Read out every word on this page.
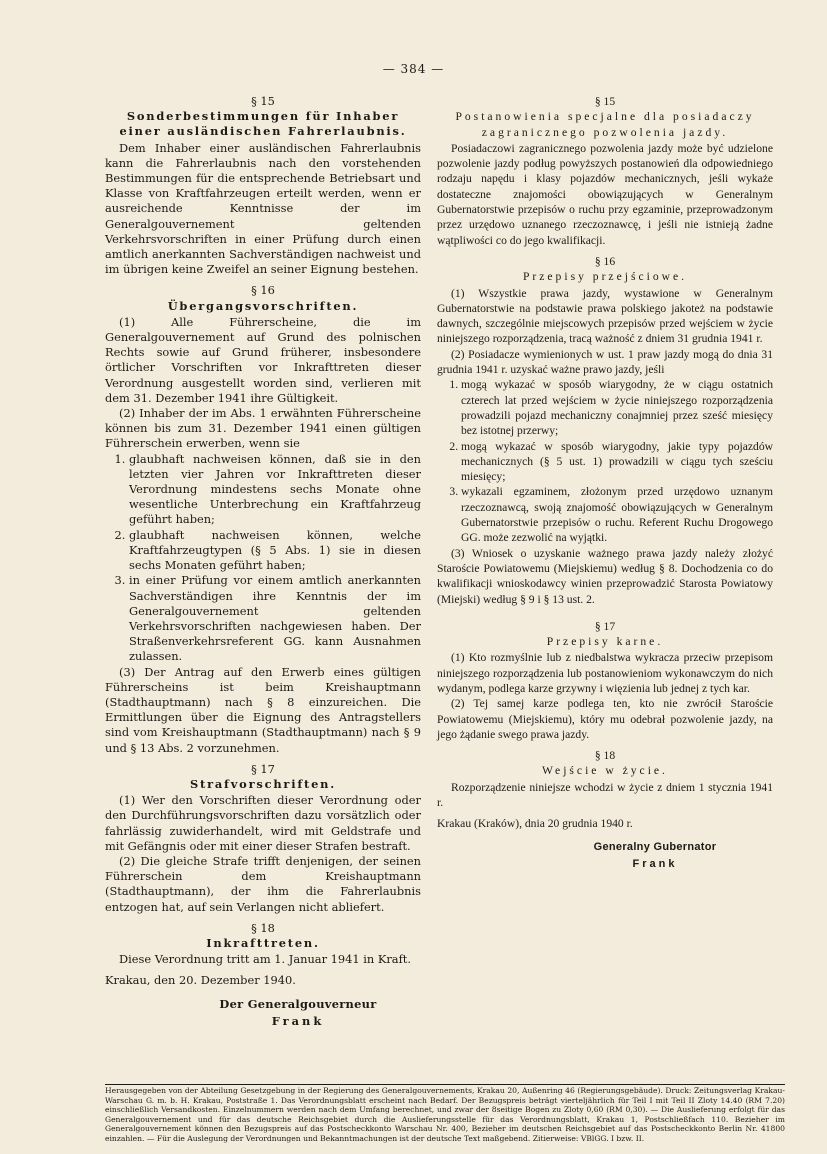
— 384 —

§ 15

Sonderbestimmungen für Inhaber einer ausländischen Fahrerlaubnis.

Dem Inhaber einer ausländischen Fahrerlaubnis kann die Fahrerlaubnis nach den vorstehenden Bestimmungen für die entsprechende Betriebsart und Klasse von Kraftfahrzeugen erteilt werden, wenn er ausreichende Kenntnisse der im Generalgouvernement geltenden Verkehrsvorschriften in einer Prüfung durch einen amtlich anerkannten Sachverständigen nachweist und im übrigen keine Zweifel an seiner Eignung bestehen.

§ 16

Übergangsvorschriften.

(1) Alle Führerscheine, die im Generalgouvernement auf Grund des polnischen Rechts sowie auf Grund früherer, insbesondere örtlicher Vorschriften vor Inkrafttreten dieser Verordnung ausgestellt worden sind, verlieren mit dem 31. Dezember 1941 ihre Gültigkeit.

(2) Inhaber der im Abs. 1 erwähnten Führerscheine können bis zum 31. Dezember 1941 einen gültigen Führerschein erwerben, wenn sie

1. glaubhaft nachweisen können, daß sie in den letzten vier Jahren vor Inkrafttreten dieser Verordnung mindestens sechs Monate ohne wesentliche Unterbrechung ein Kraftfahrzeug geführt haben;
2. glaubhaft nachweisen können, welche Kraftfahrzeugtypen (§ 5 Abs. 1) sie in diesen sechs Monaten geführt haben;
3. in einer Prüfung vor einem amtlich anerkannten Sachverständigen ihre Kenntnis der im Generalgouvernement geltenden Verkehrsvorschriften nachgewiesen haben. Der Straßenverkehrsreferent GG. kann Ausnahmen zulassen.

(3) Der Antrag auf den Erwerb eines gültigen Führerscheins ist beim Kreishauptmann (Stadthauptmann) nach § 8 einzureichen. Die Ermittlungen über die Eignung des Antragstellers sind vom Kreishauptmann (Stadthauptmann) nach § 9 und § 13 Abs. 2 vorzunehmen.

§ 17

Strafvorschriften.

(1) Wer den Vorschriften dieser Verordnung oder den Durchführungsvorschriften dazu vorsätzlich oder fahrlässig zuwiderhandelt, wird mit Geldstrafe und mit Gefängnis oder mit einer dieser Strafen bestraft.

(2) Die gleiche Strafe trifft denjenigen, der seinen Führerschein dem Kreishauptmann (Stadthauptmann), der ihm die Fahrerlaubnis entzogen hat, auf sein Verlangen nicht abliefert.

§ 18

Inkrafttreten.

Diese Verordnung tritt am 1. Januar 1941 in Kraft.

Krakau, den 20. Dezember 1940.

Der Generalgouverneur

Frank

§ 15

Postanowienia specjalne dla posiadaczy zagranicznego pozwolenia jazdy.

Posiadaczowi zagranicznego pozwolenia jazdy może być udzielone pozwolenie jazdy podług powyższych postanowień dla odpowiedniego rodzaju napędu i klasy pojazdów mechanicznych, jeśli wykaże dostateczne znajomości obowiązujących w Generalnym Gubernatorstwie przepisów o ruchu przy egzaminie, przeprowadzonym przez urzędowo uznanego rzeczoznawcę, i jeśli nie istnieją żadne wątpliwości co do jego kwalifikacji.

§ 16

Przepisy przejściowe.

(1) Wszystkie prawa jazdy, wystawione w Generalnym Gubernatorstwie na podstawie prawa polskiego jakoteż na podstawie dawnych, szczególnie miejscowych przepisów przed wejściem w życie niniejszego rozporządzenia, tracą ważność z dniem 31 grudnia 1941 r.

(2) Posiadacze wymienionych w ust. 1 praw jazdy mogą do dnia 31 grudnia 1941 r. uzyskać ważne prawo jazdy, jeśli

1. mogą wykazać w sposób wiarygodny, że w ciągu ostatnich czterech lat przed wejściem w życie niniejszego rozporządzenia prowadzili pojazd mechaniczny conajmniej przez sześć miesięcy bez istotnej przerwy;
2. mogą wykazać w sposób wiarygodny, jakie typy pojazdów mechanicznych (§ 5 ust. 1) prowadzili w ciągu tych sześciu miesięcy;
3. wykazali egzaminem, złożonym przed urzędowo uznanym rzeczoznawcą, swoją znajomość obowiązujących w Generalnym Gubernatorstwie przepisów o ruchu. Referent Ruchu Drogowego GG. może zezwolić na wyjątki.

(3) Wniosek o uzyskanie ważnego prawa jazdy należy złożyć Staroście Powiatowemu (Miejskiemu) według § 8. Dochodzenia co do kwalifikacji wnioskodawcy winien przeprowadzić Starosta Powiatowy (Miejski) według § 9 i § 13 ust. 2.

§ 17

Przepisy karne.

(1) Kto rozmyślnie lub z niedbalstwa wykracza przeciw przepisom niniejszego rozporządzenia lub postanowieniom wykonawczym do nich wydanym, podlega karze grzywny i więzienia lub jednej z tych kar.

(2) Tej samej karze podlega ten, kto nie zwrócił Staroście Powiatowemu (Miejskiemu), który mu odebrał pozwolenie jazdy, na jego żądanie swego prawa jazdy.

§ 18

Wejście w życie.

Rozporządzenie niniejsze wchodzi w życie z dniem 1 stycznia 1941 r.

Krakau (Kraków), dnia 20 grudnia 1940 r.

Generalny Gubernator

Frank

Herausgegeben von der Abteilung Gesetzgebung in der Regierung des Generalgouvernements, Krakau 20, Außenring 46 (Regierungsgebäude). Druck: Zeitungsverlag Krakau-Warschau G. m. b. H. Krakau, Poststraße 1. Das Verordnungsblatt erscheint nach Bedarf. Der Bezugspreis beträgt vierteljährlich für Teil I mit Teil II Zloty 14.40 (RM 7.20) einschließlich Versandkosten. Einzelnummern werden nach dem Umfang berechnet, und zwar der 8seitige Bogen zu Zloty 0,60 (RM 0,30). — Die Auslieferung erfolgt für das Generalgouvernement und für das deutsche Reichsgebiet durch die Auslieferungsstelle für das Verordnungsblatt, Krakau 1, Postschließfach 110. Bezieher im Generalgouvernement können den Bezugspreis auf das Postscheckkonto Warschau Nr. 400, Bezieher im deutschen Reichsgebiet auf das Postscheckkonto Berlin Nr. 41800 einzahlen. — Für die Auslegung der Verordnungen und Bekanntmachungen ist der deutsche Text maßgebend. Zitierweise: VBlGG. I bzw. II.
